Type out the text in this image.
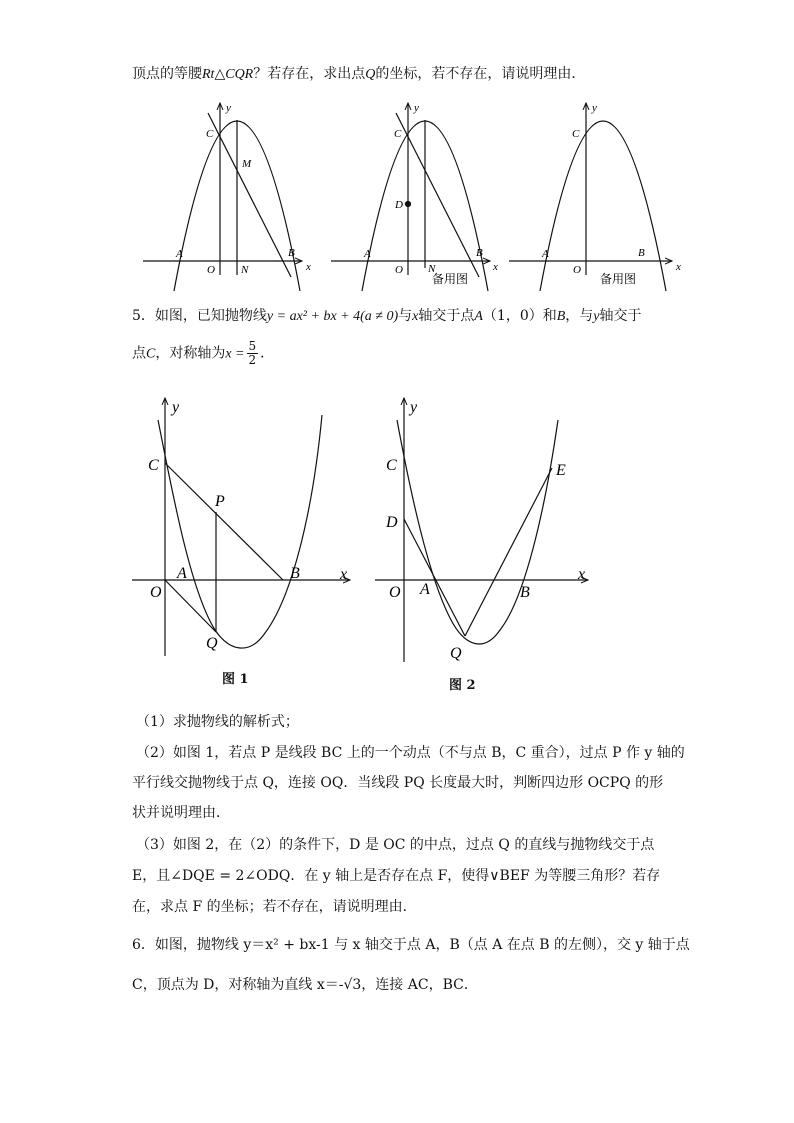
顶点的等腰Rt△CQR？若存在，求出点Q的坐标，若不存在，请说明理由．
y
x
C
M
A	B
O N
y
x
C
D
A	B
O N
备用图
y
x
C
A	B
O
备用图
y
x
C
P
A	B
O
Q
y
x
C
D
E
A	B
O
Q
5．如图，已知抛物线y = ax² + bx + 4(a ≠ 0)与x轴交于点A（1，0）和B，与y轴交于
点C，对称轴为$x = \frac{5}{2}$ ．
图 1	图 2
（1）求抛物线的解析式；
（2）如图 1，若点 P 是线段 BC 上的一个动点（不与点 B，C 重合），过点 P 作 y 轴的
平行线交抛物线于点 Q，连接 OQ．当线段 PQ 长度最大时，判断四边形 OCPQ 的形
状并说明理由．
（3）如图 2，在（2）的条件下，D 是 OC 的中点，过点 Q 的直线与抛物线交于点
E，且∠DQE = 2∠ODQ．在 y 轴上是否存在点 F，使得∨BEF 为等腰三角形？若存
在，求点 F 的坐标；若不存在，请说明理由．
6．如图，抛物线 y＝x² + bx-1 与 x 轴交于点 A，B（点 A 在点 B 的左侧），交 y 轴于点
C，顶点为 D，对称轴为直线 x＝-√3，连接 AC，BC．
